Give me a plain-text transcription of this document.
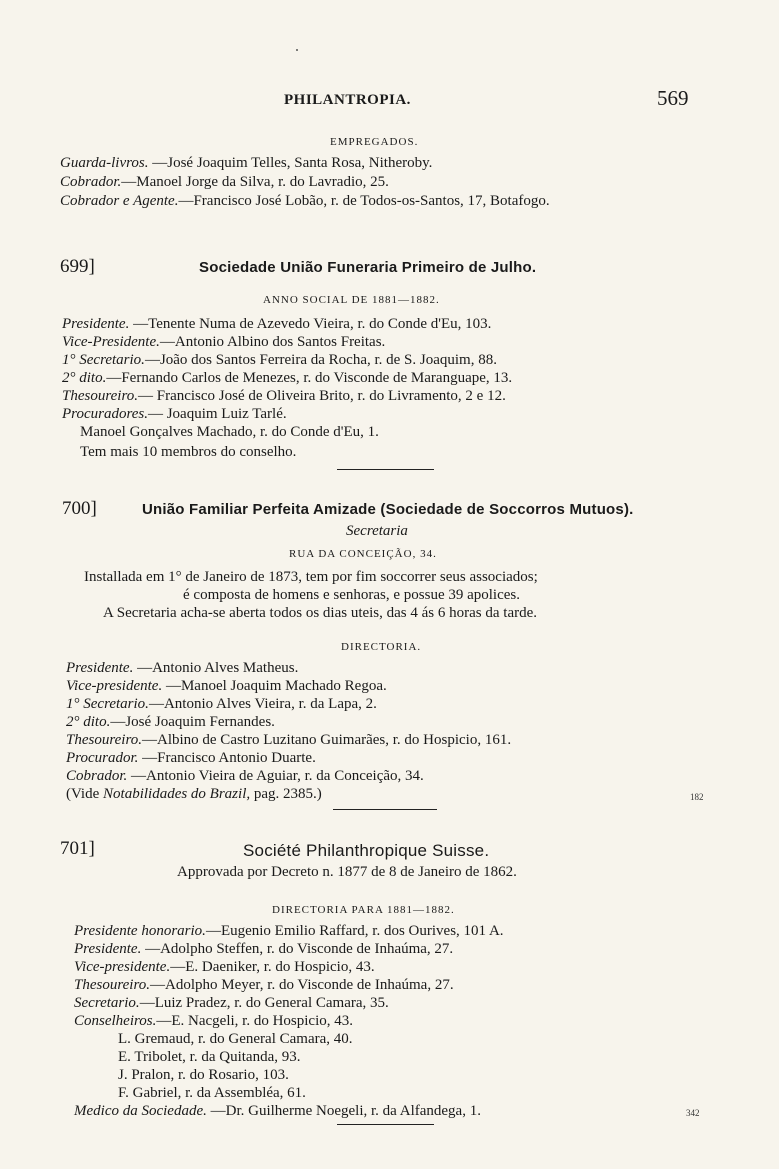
PHILANTROPIA.	569
EMPREGADOS.
Guarda-livros. —José Joaquim Telles, Santa Rosa, Nitheroby.
Cobrador.—Manoel Jorge da Silva, r. do Lavradio, 25.
Cobrador e Agente.—Francisco José Lobão, r. de Todos-os-Santos, 17, Botafogo.
699]	Sociedade União Funeraria Primeiro de Julho.
ANNO SOCIAL DE 1881—1882.
Presidente. —Tenente Numa de Azevedo Vieira, r. do Conde d'Eu, 103.
Vice-Presidente.—Antonio Albino dos Santos Freitas.
1° Secretario.—João dos Santos Ferreira da Rocha, r. de S. Joaquim, 88.
2° dito.—Fernando Carlos de Menezes, r. do Visconde de Maranguape, 13.
Thesoureiro.— Francisco José de Oliveira Brito, r. do Livramento, 2 e 12.
Procuradores.— Joaquim Luiz Tarlé.
Manoel Gonçalves Machado, r. do Conde d'Eu, 1.
Tem mais 10 membros do conselho.
700]	União Familiar Perfeita Amizade (Sociedade de Soccorros Mutuos).
Secretaria
RUA DA CONCEIÇÃO, 34.
Installada em 1° de Janeiro de 1873, tem por fim soccorrer seus associados;
é composta de homens e senhoras, e possue 39 apolices.
A Secretaria acha-se aberta todos os dias uteis, das 4 ás 6 horas da tarde.
DIRECTORIA.
Presidente. —Antonio Alves Matheus.
Vice-presidente. —Manoel Joaquim Machado Regoa.
1° Secretario.—Antonio Alves Vieira, r. da Lapa, 2.
2° dito.—José Joaquim Fernandes.
Thesoureiro.—Albino de Castro Luzitano Guimarães, r. do Hospicio, 161.
Procurador. —Francisco Antonio Duarte.
Cobrador. —Antonio Vieira de Aguiar, r. da Conceição, 34.
(Vide Notabilidades do Brazil, pag. 2385.)	182
701]	Société Philanthropique Suisse.
Approvada por Decreto n. 1877 de 8 de Janeiro de 1862.
DIRECTORIA PARA 1881—1882.
Presidente honorario.—Eugenio Emilio Raffard, r. dos Ourives, 101 A.
Presidente. —Adolpho Steffen, r. do Visconde de Inhaúma, 27.
Vice-presidente.—E. Daeniker, r. do Hospicio, 43.
Thesoureiro.—Adolpho Meyer, r. do Visconde de Inhaúma, 27.
Secretario.—Luiz Pradez, r. do General Camara, 35.
Conselheiros.—E. Nacgeli, r. do Hospicio, 43.
L. Gremaud, r. do General Camara, 40.
E. Tribolet, r. da Quitanda, 93.
J. Pralon, r. do Rosario, 103.
F. Gabriel, r. da Assembléa, 61.
Medico da Sociedade. —Dr. Guilherme Noegeli, r. da Alfandega, 1.	342
